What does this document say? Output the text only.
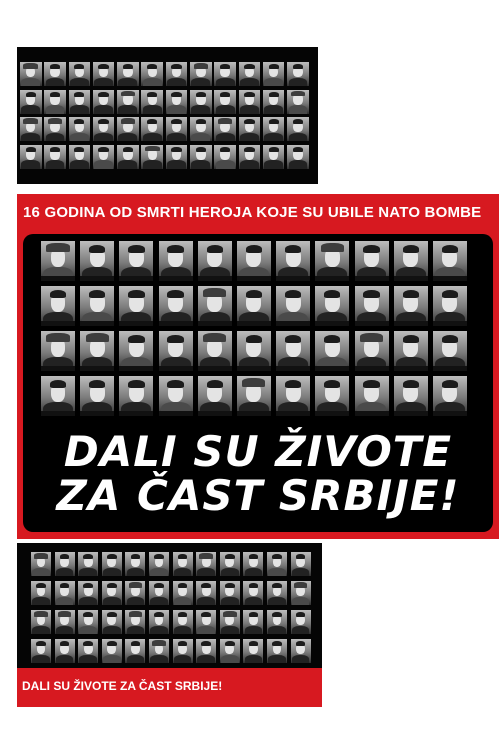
16 GODINA OD SMRTI HEROJA KOJE SU UBILE NATO BOMBE
DALI SU ŽIVOTE
ZA ČAST SRBIJE!
DALI SU ŽIVOTE ZA ČAST SRBIJE!
